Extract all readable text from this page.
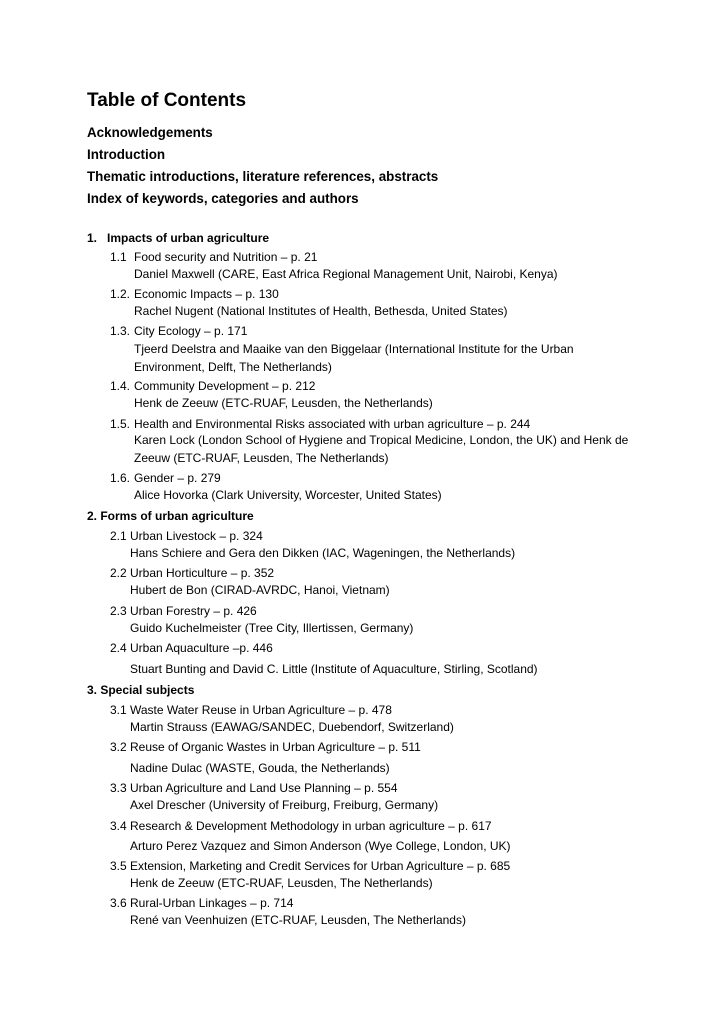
Table of Contents
Acknowledgements
Introduction
Thematic introductions, literature references, abstracts
Index of keywords, categories and authors
1.   Impacts of urban agriculture
1.1 Food security and Nutrition – p. 21
Daniel Maxwell (CARE, East Africa Regional Management Unit, Nairobi, Kenya)
1.2. Economic Impacts – p. 130
Rachel Nugent (National Institutes of Health, Bethesda, United States)
1.3. City Ecology – p. 171
Tjeerd Deelstra and Maaike van den Biggelaar (International Institute for the Urban
Environment, Delft, The Netherlands)
1.4. Community Development – p. 212
Henk de Zeeuw (ETC-RUAF, Leusden, the Netherlands)
1.5. Health and Environmental Risks associated with urban agriculture – p. 244
Karen Lock (London School of Hygiene and Tropical Medicine, London, the UK) and Henk de
Zeeuw (ETC-RUAF, Leusden, The Netherlands)
1.6. Gender – p. 279
Alice Hovorka (Clark University, Worcester, United States)
2. Forms of urban agriculture
2.1 Urban Livestock – p. 324
Hans Schiere and Gera den Dikken (IAC, Wageningen, the Netherlands)
2.2 Urban Horticulture – p. 352
Hubert de Bon (CIRAD-AVRDC, Hanoi, Vietnam)
2.3 Urban Forestry – p. 426
Guido Kuchelmeister (Tree City, Illertissen, Germany)
2.4 Urban Aquaculture –p. 446
Stuart Bunting and David C. Little (Institute of Aquaculture, Stirling, Scotland)
3. Special subjects
3.1 Waste Water Reuse in Urban Agriculture – p. 478
Martin Strauss (EAWAG/SANDEC, Duebendorf, Switzerland)
3.2 Reuse of Organic Wastes in Urban Agriculture – p. 511
Nadine Dulac (WASTE, Gouda, the Netherlands)
3.3 Urban Agriculture and Land Use Planning – p. 554
Axel Drescher (University of Freiburg, Freiburg, Germany)
3.4 Research & Development Methodology in urban agriculture – p. 617
Arturo Perez Vazquez and Simon Anderson (Wye College, London, UK)
3.5 Extension, Marketing and Credit Services for Urban Agriculture – p. 685
Henk de Zeeuw (ETC-RUAF, Leusden, The Netherlands)
3.6 Rural-Urban Linkages – p. 714
René van Veenhuizen (ETC-RUAF, Leusden, The Netherlands)
